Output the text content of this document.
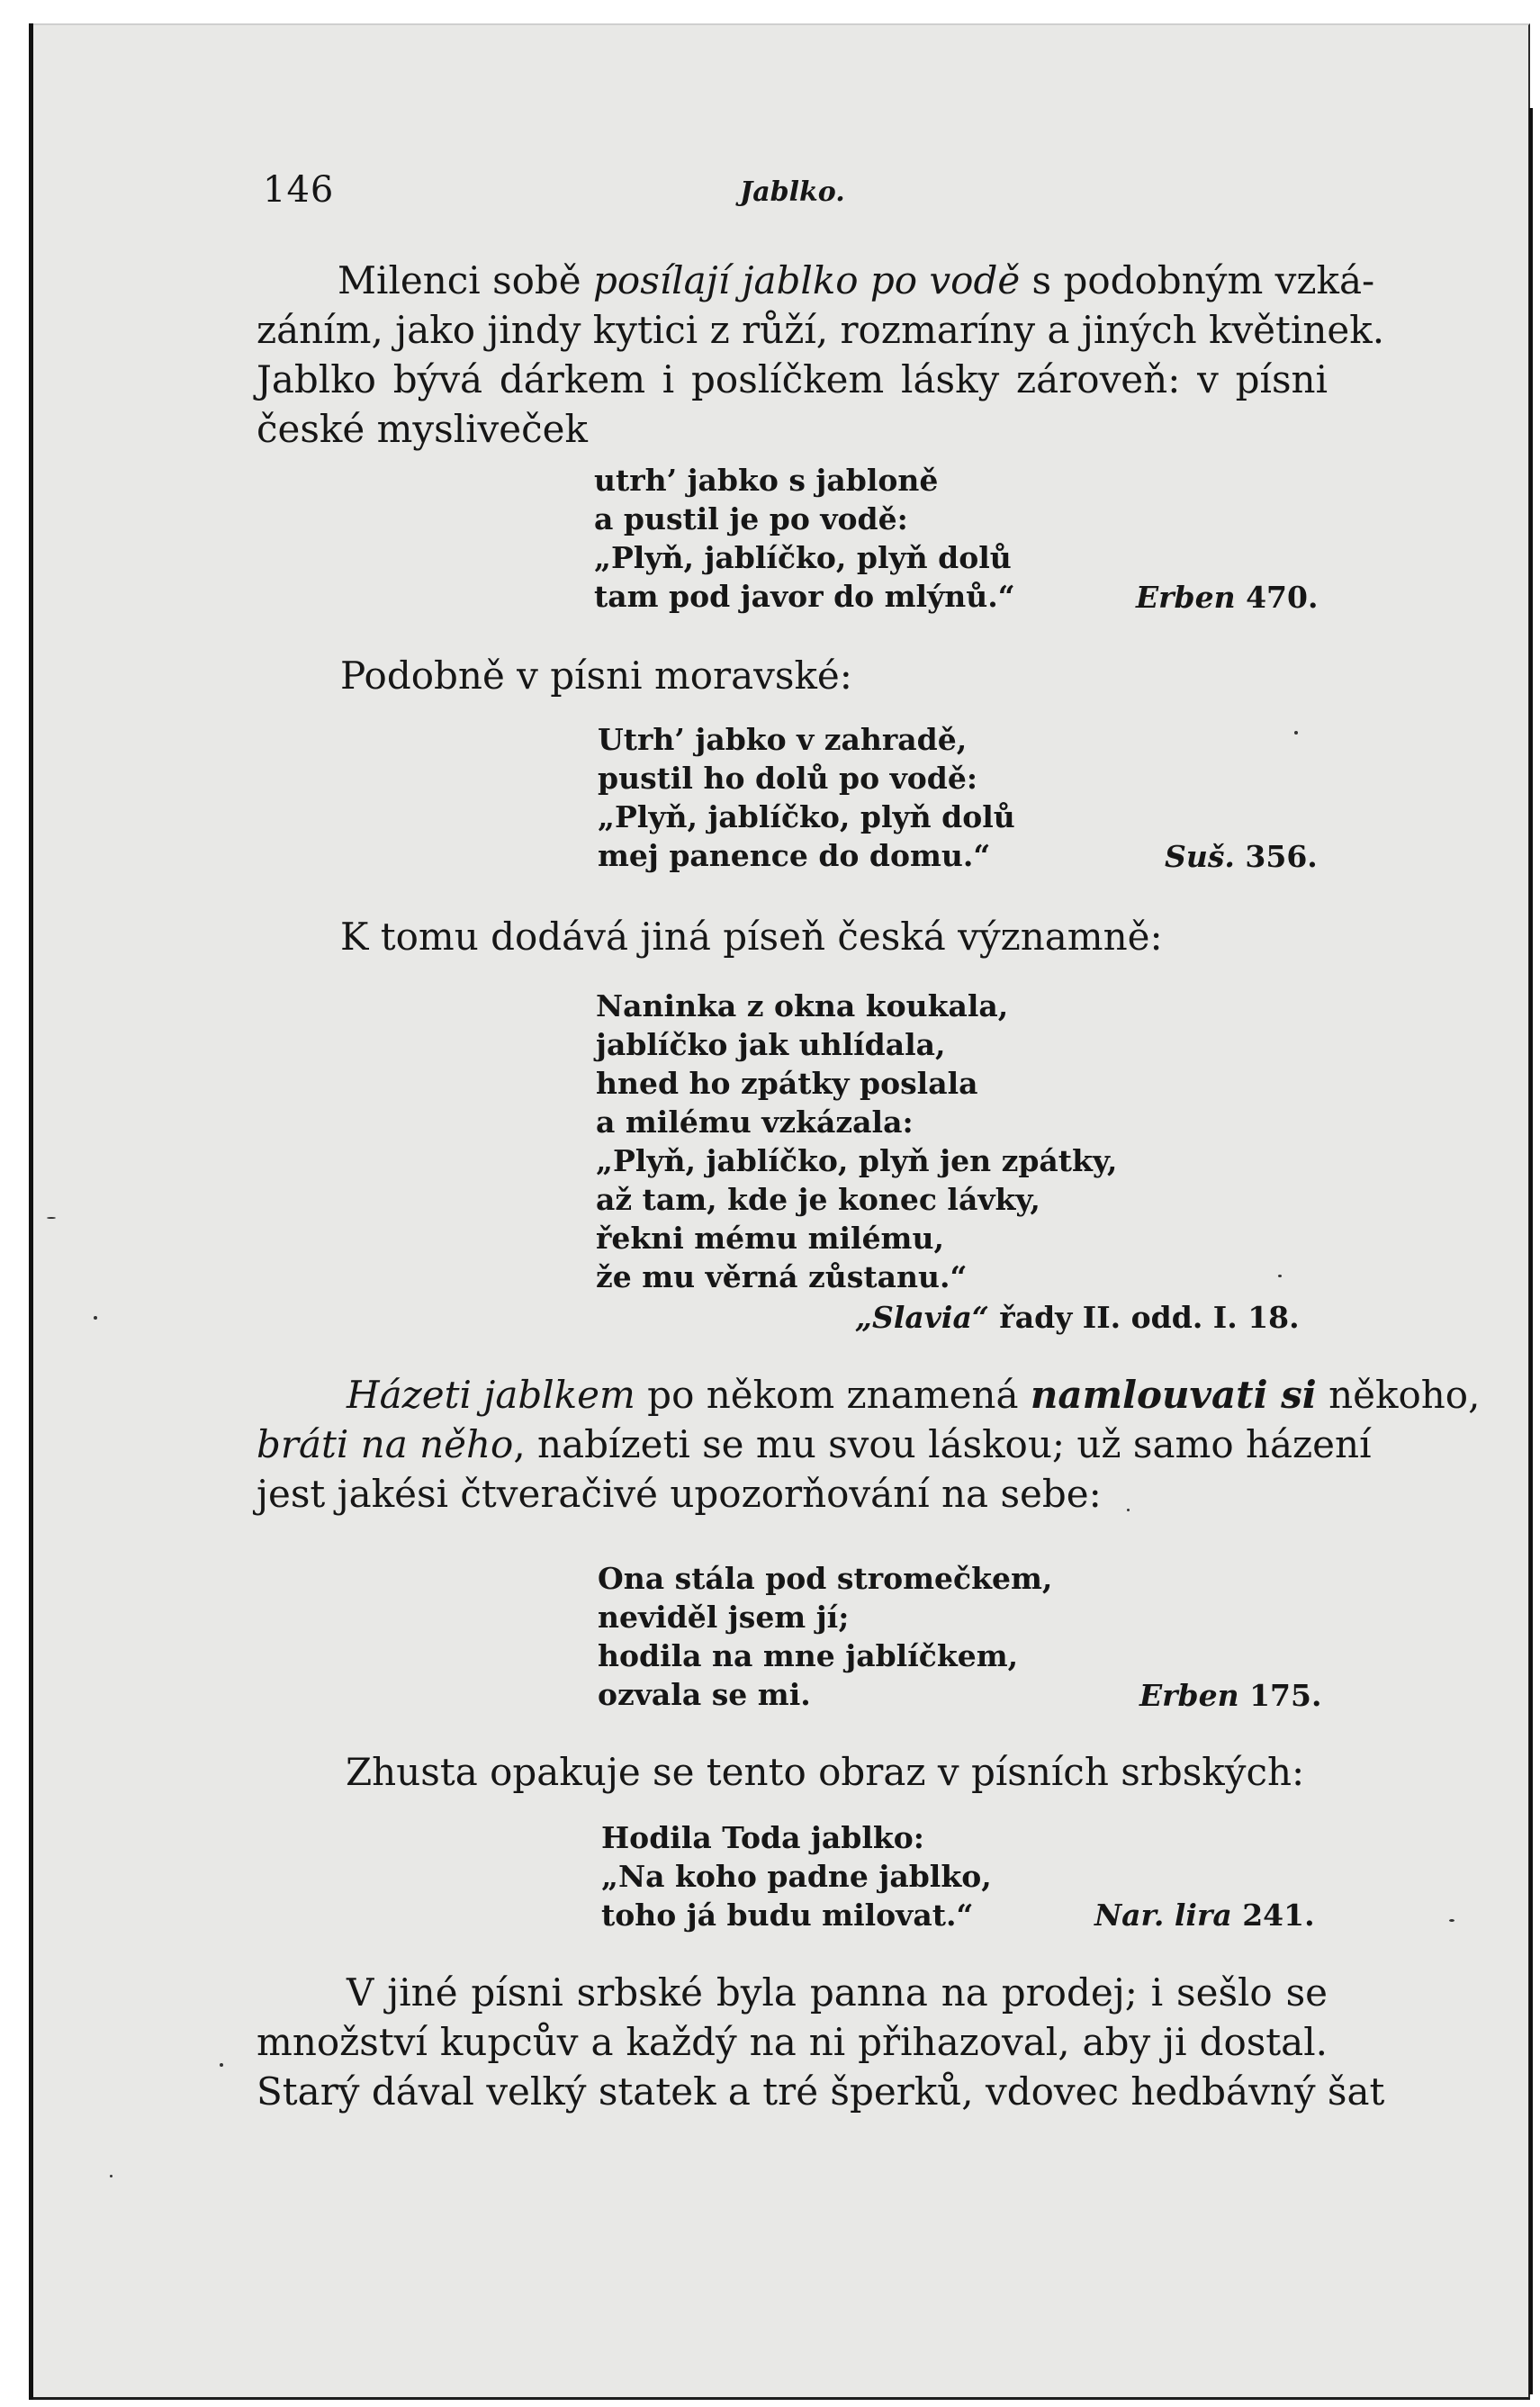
146	Jablko.

Milenci sobě posílají jablko po vodě s podobným vzká-
záním, jako jindy kytici z růží, rozmaríny a jiných květinek.
Jablko bývá dárkem i poslíčkem lásky zároveň: v písni
české mysliveček
utrh’ jabko s jabloně
a pustil je po vodě:
„Plyň, jablíčko, plyň dolů
tam pod javor do mlýnů.“	Erben 470.

Podobně v písni moravské:

Utrh’ jabko v zahradě,
pustil ho dolů po vodě:
„Plyň, jablíčko, plyň dolů
mej panence do domu.“	Suš. 356.

K tomu dodává jiná píseň česká významně:

Naninka z okna koukala,
jablíčko jak uhlídala,
hned ho zpátky poslala
a milému vzkázala:
„Plyň, jablíčko, plyň jen zpátky,
až tam, kde je konec lávky,
řekni mému milému,
že mu věrná zůstanu.“

„Slavia“ řady II. odd. I. 18.

Házeti jablkem po někom znamená namlouvati si někoho,
bráti na něho, nabízeti se mu svou láskou; už samo házení
jest jakési čtveračivé upozorňování na sebe:
Ona stála pod stromečkem,
neviděl jsem jí;
hodila na mne jablíčkem,
ozvala se mi.	Erben 175.

Zhusta opakuje se tento obraz v písních srbských:

Hodila Toda jablko:
„Na koho padne jablko,
toho já budu milovat.“	Nar. lira 241.

V jiné písni srbské byla panna na prodej; i sešlo se
množství kupcův a každý na ni přihazoval, aby ji dostal.
Starý dával velký statek a tré šperků, vdovec hedbávný šat
